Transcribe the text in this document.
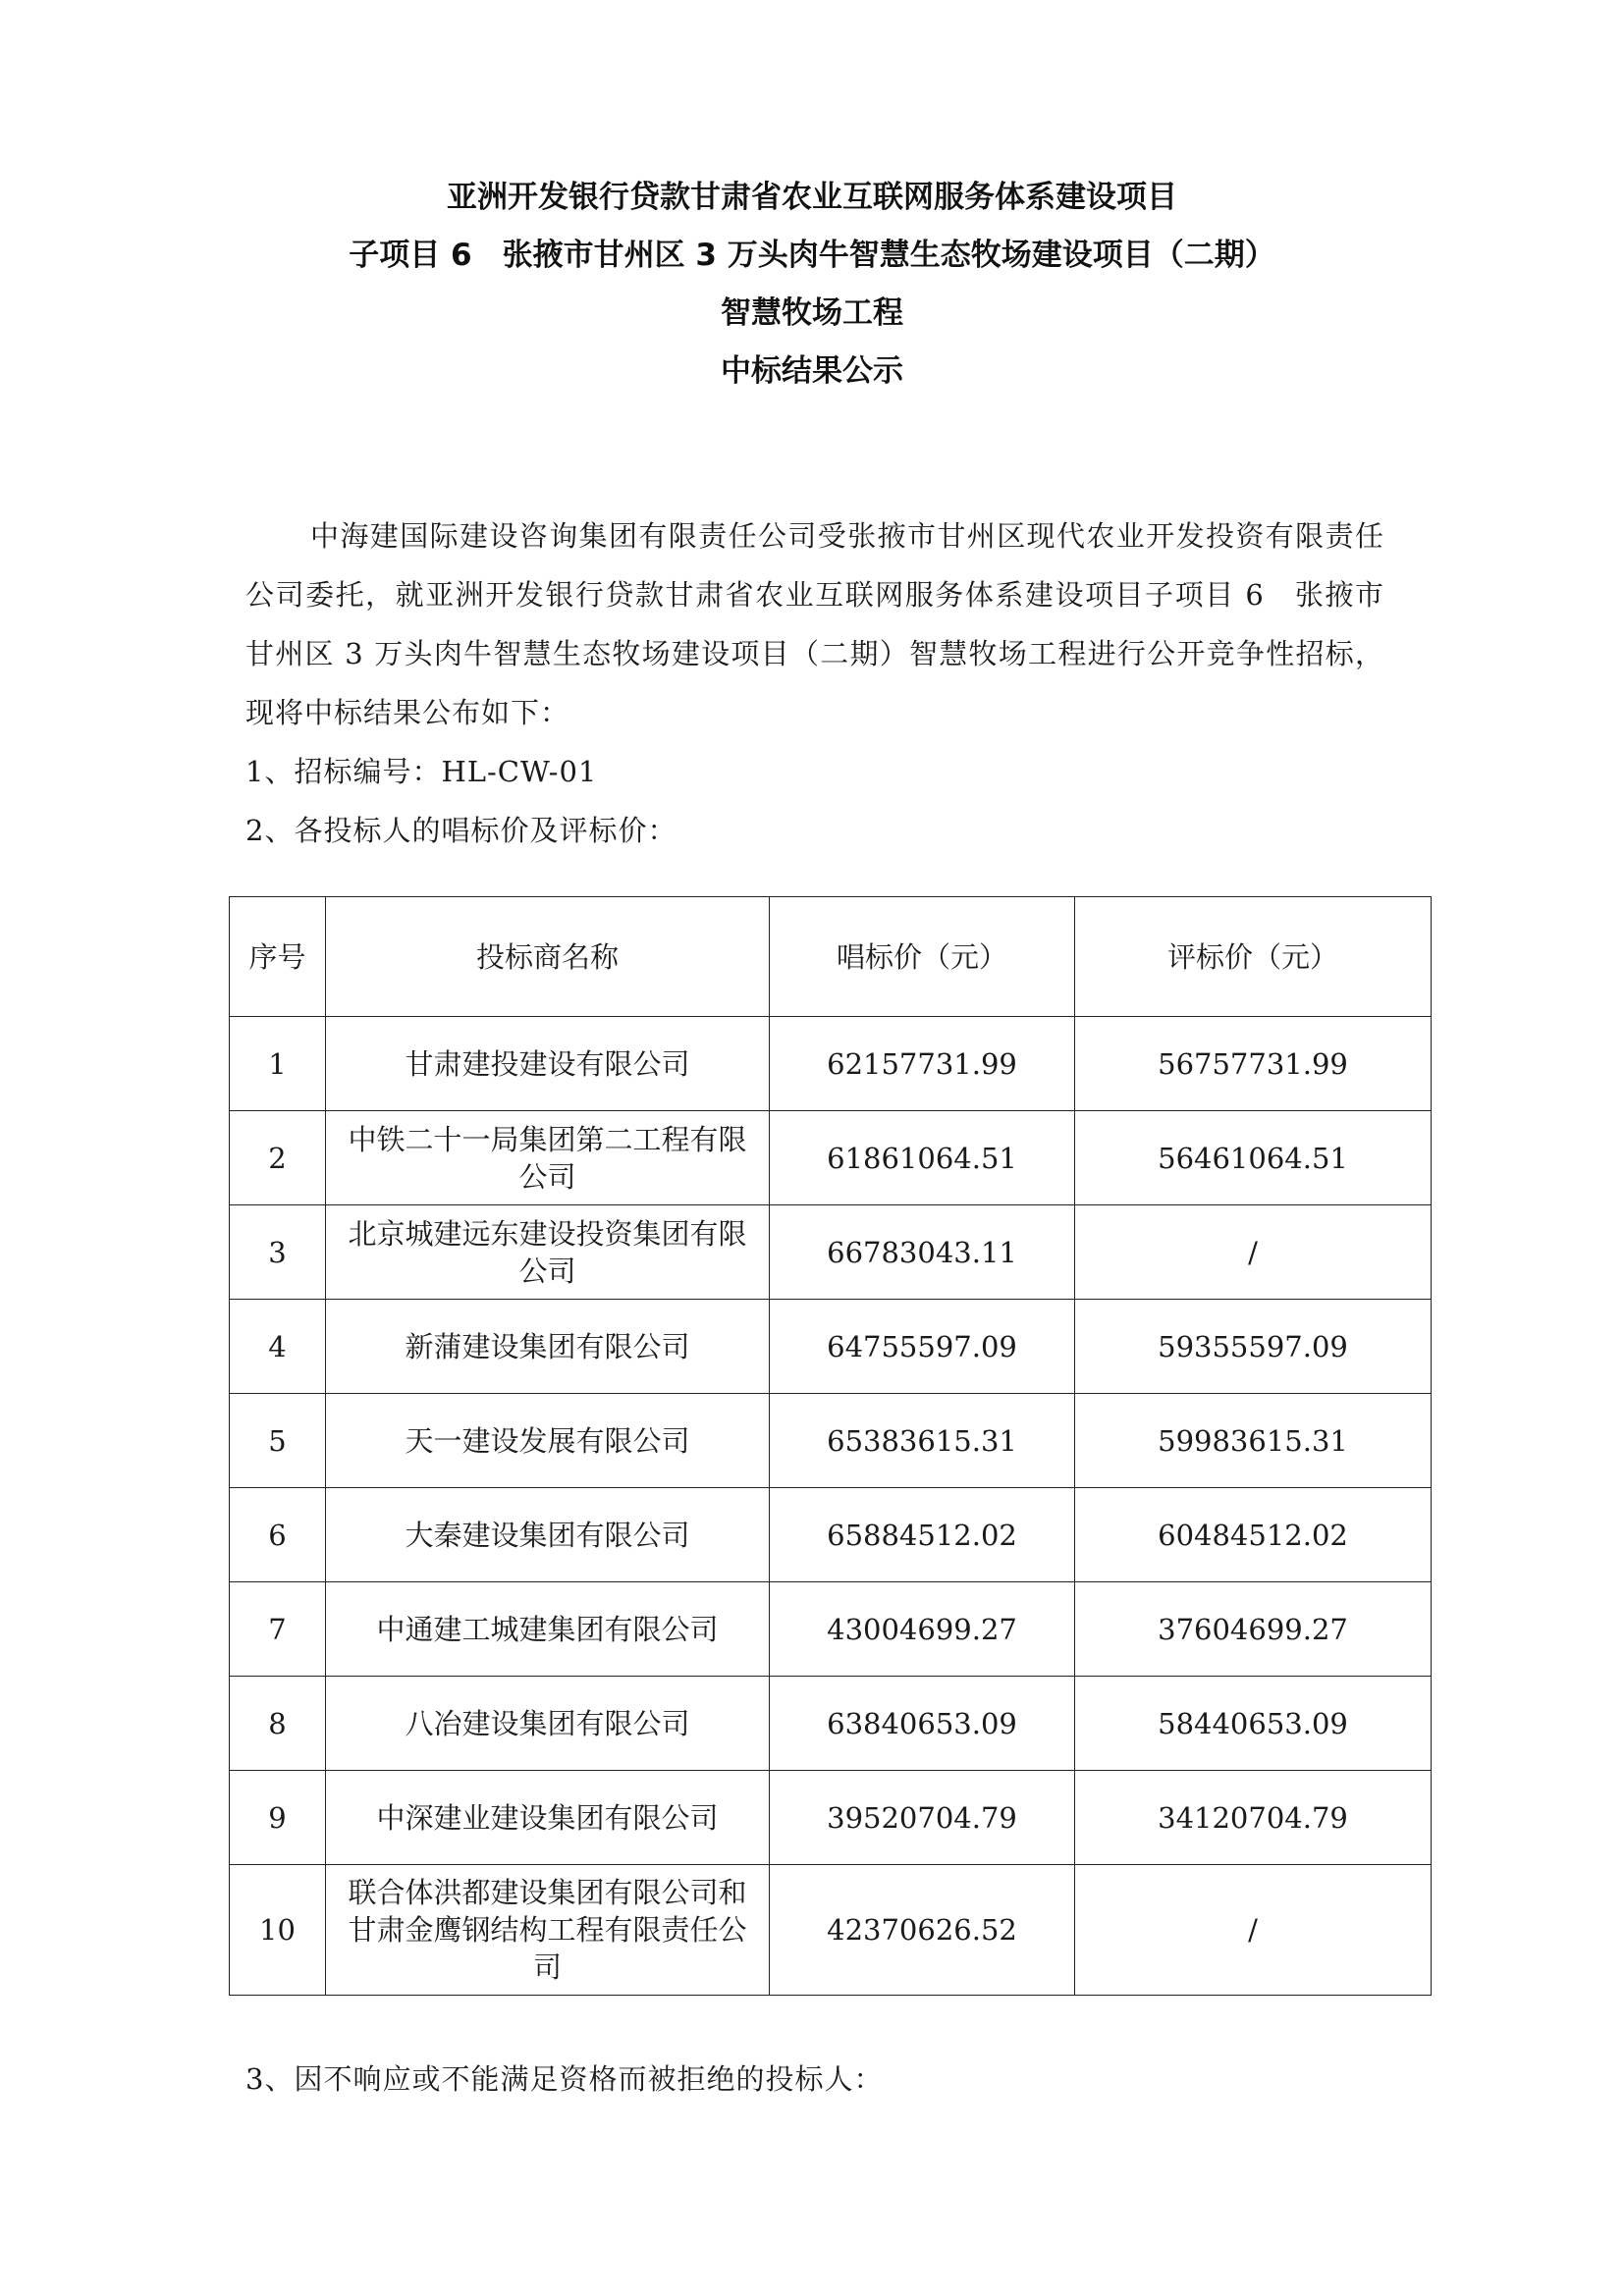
亚洲开发银行贷款甘肃省农业互联网服务体系建设项目
子项目 6　张掖市甘州区 3 万头肉牛智慧生态牧场建设项目（二期）
智慧牧场工程
中标结果公示

中海建国际建设咨询集团有限责任公司受张掖市甘州区现代农业开发投资有限责任公司委托，就亚洲开发银行贷款甘肃省农业互联网服务体系建设项目子项目 6　张掖市甘州区 3 万头肉牛智慧生态牧场建设项目（二期）智慧牧场工程进行公开竞争性招标，现将中标结果公布如下：

1、招标编号：HL-CW-01

2、各投标人的唱标价及评标价：

序号	投标商名称	唱标价（元）	评标价（元）
1	甘肃建投建设有限公司	62157731.99	56757731.99
2	中铁二十一局集团第二工程有限公司	61861064.51	56461064.51
3	北京城建远东建设投资集团有限公司	66783043.11	/
4	新蒲建设集团有限公司	64755597.09	59355597.09
5	天一建设发展有限公司	65383615.31	59983615.31
6	大秦建设集团有限公司	65884512.02	60484512.02
7	中通建工城建集团有限公司	43004699.27	37604699.27
8	八冶建设集团有限公司	63840653.09	58440653.09
9	中深建业建设集团有限公司	39520704.79	34120704.79
10	联合体洪都建设集团有限公司和甘肃金鹰钢结构工程有限责任公司	42370626.52	/

3、因不响应或不能满足资格而被拒绝的投标人：
